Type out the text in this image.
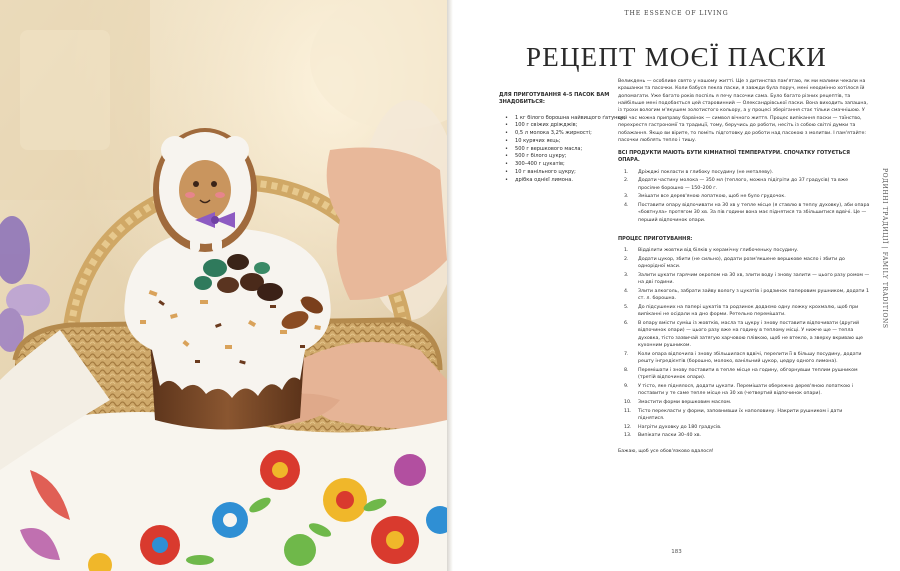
THE ESSENCE OF LIVING
РЕЦЕПТ МОЄЇ ПАСКИ
РОДИННІ ТРАДИЦІЇ | FAMILY TRADITIONS
ДЛЯ ПРИГОТУВАННЯ 4–5 ПАСОК ВАМ ЗНАДОБИТЬСЯ:
• 1 кг білого борошна найвищого ґатунку;
• 100 г свіжих дріжджів;
• 0,5 л молока 3,2% жирності;
• 10 курячих яєць;
• 500 г вершкового масла;
• 500 г білого цукру;
• 300–400 г цукатів;
• 10 г ванільного цукру;
• дрібка однієї лимона.

Великдень — особливе свято у нашому житті. Ще з дитинства пам'ятаю, як ми малими чекали на крашанки та пасочки. Коли бабуся пекла паски, я завжди була поруч, мені неодмінно хотілося їй допомагати. Уже багато років поспіль я печу пасочки сама. Було багато різних рецептів, та найбільше мені подобається цей старовинний — Олександрівської паски. Вона виходить запашна, із трохи вологим м'якушем золотистого кольору, а у процесі зберігання стає тільки смачнішою. У цей час можна приправу барвінок — символ вічного життя. Процес випікання паски — таїнство, перехрестя гастрономії та традиції, тому, беручись до роботи, несіть із собою світлі думки та побажання. Якщо ви вірите, то поміть підготовку до роботи над пасокою з молитви. І пам'ятайте: пасочки люблять тепло і тишу.

ВСІ ПРОДУКТИ МАЮТЬ БУТИ КІМНАТНОЇ ТЕМПЕРАТУРИ. СПОЧАТКУ ГОТУЄТЬСЯ ОПАРА.
1.	Дріжджі покласти в глибоку посудину (не металеву).
2.	Додати частину молока — 350 мл (теплого, можна підігріти до 37 градусів) та вже просіяне борошно — 150–200 г.
3.	Змішати все дерев'яною лопаткою, щоб не було грудочок.
4.	Поставити опару відпочивати на 30 хв у тепле місце (я ставлю в теплу духовку), аби опара «бовтнула» протягом 30 хв. За пів години вона має піднятися та збільшитися вдвічі. Це — перший відпочинок опари.
ПРОЦЕС ПРИГОТУВАННЯ:
1.	Відділити жовтки від білків у керамічну глибоченьку посудину.
2.	Додати цукор, збити (не сильно), додати розм'якшене вершкове масло і збити до однорідної маси.
3.	Залити цукати гарячим окропом на 30 хв, злити воду і знову залити — цього разу ромом — на дві години.
4.	Злити алкоголь, забрати зайву вологу з цукатів і родзинок паперовим рушником, додати 1 ст. л. борошна.
5.	До підсушених на папері цукатів та родзинок додаємо одну ложку крохмалю, щоб при випіканні не осідали на дно форми. Ретельно перемішати.
6.	В опару вмісти суміш із жовтків, масла та цукру і знову поставити відпочивати (другий відпочинок опари) — цього разу вже на годину в теплому місці. У нижче ще — тепла духовка, тісто зазвичай затягую харчовою плівкою, щоб не втекло, а зверху вкриваю ще кухонним рушником.
7.	Коли опара відпочила і знову збільшилася вдвічі, перелити її в більшу посудину, додати решту інгредієнтів (борошно, молоко, ванільний цукор, цедру одного лимона).
8.	Перемішати і знову поставити в тепле місце на годину, обгорнувши теплим рушником (третій відпочинок опари).
9.	У тісто, яке піднялося, додати цукати. Перемішати обережно дерев'яною лопаткою і поставити у те саме тепле місце на 30 хв (четвертий відпочинок опари).
10.	Змастити форми вершковим маслом.
11.	Тісто перекласти у форми, заповнивши їх наполовину. Накрити рушником і дати піднятися.
12.	Нагріти духовку до 180 градусів.
13.	Випікати паски 30–40 хв.
Бажаю, щоб усе обов'язково вдалося!
183
